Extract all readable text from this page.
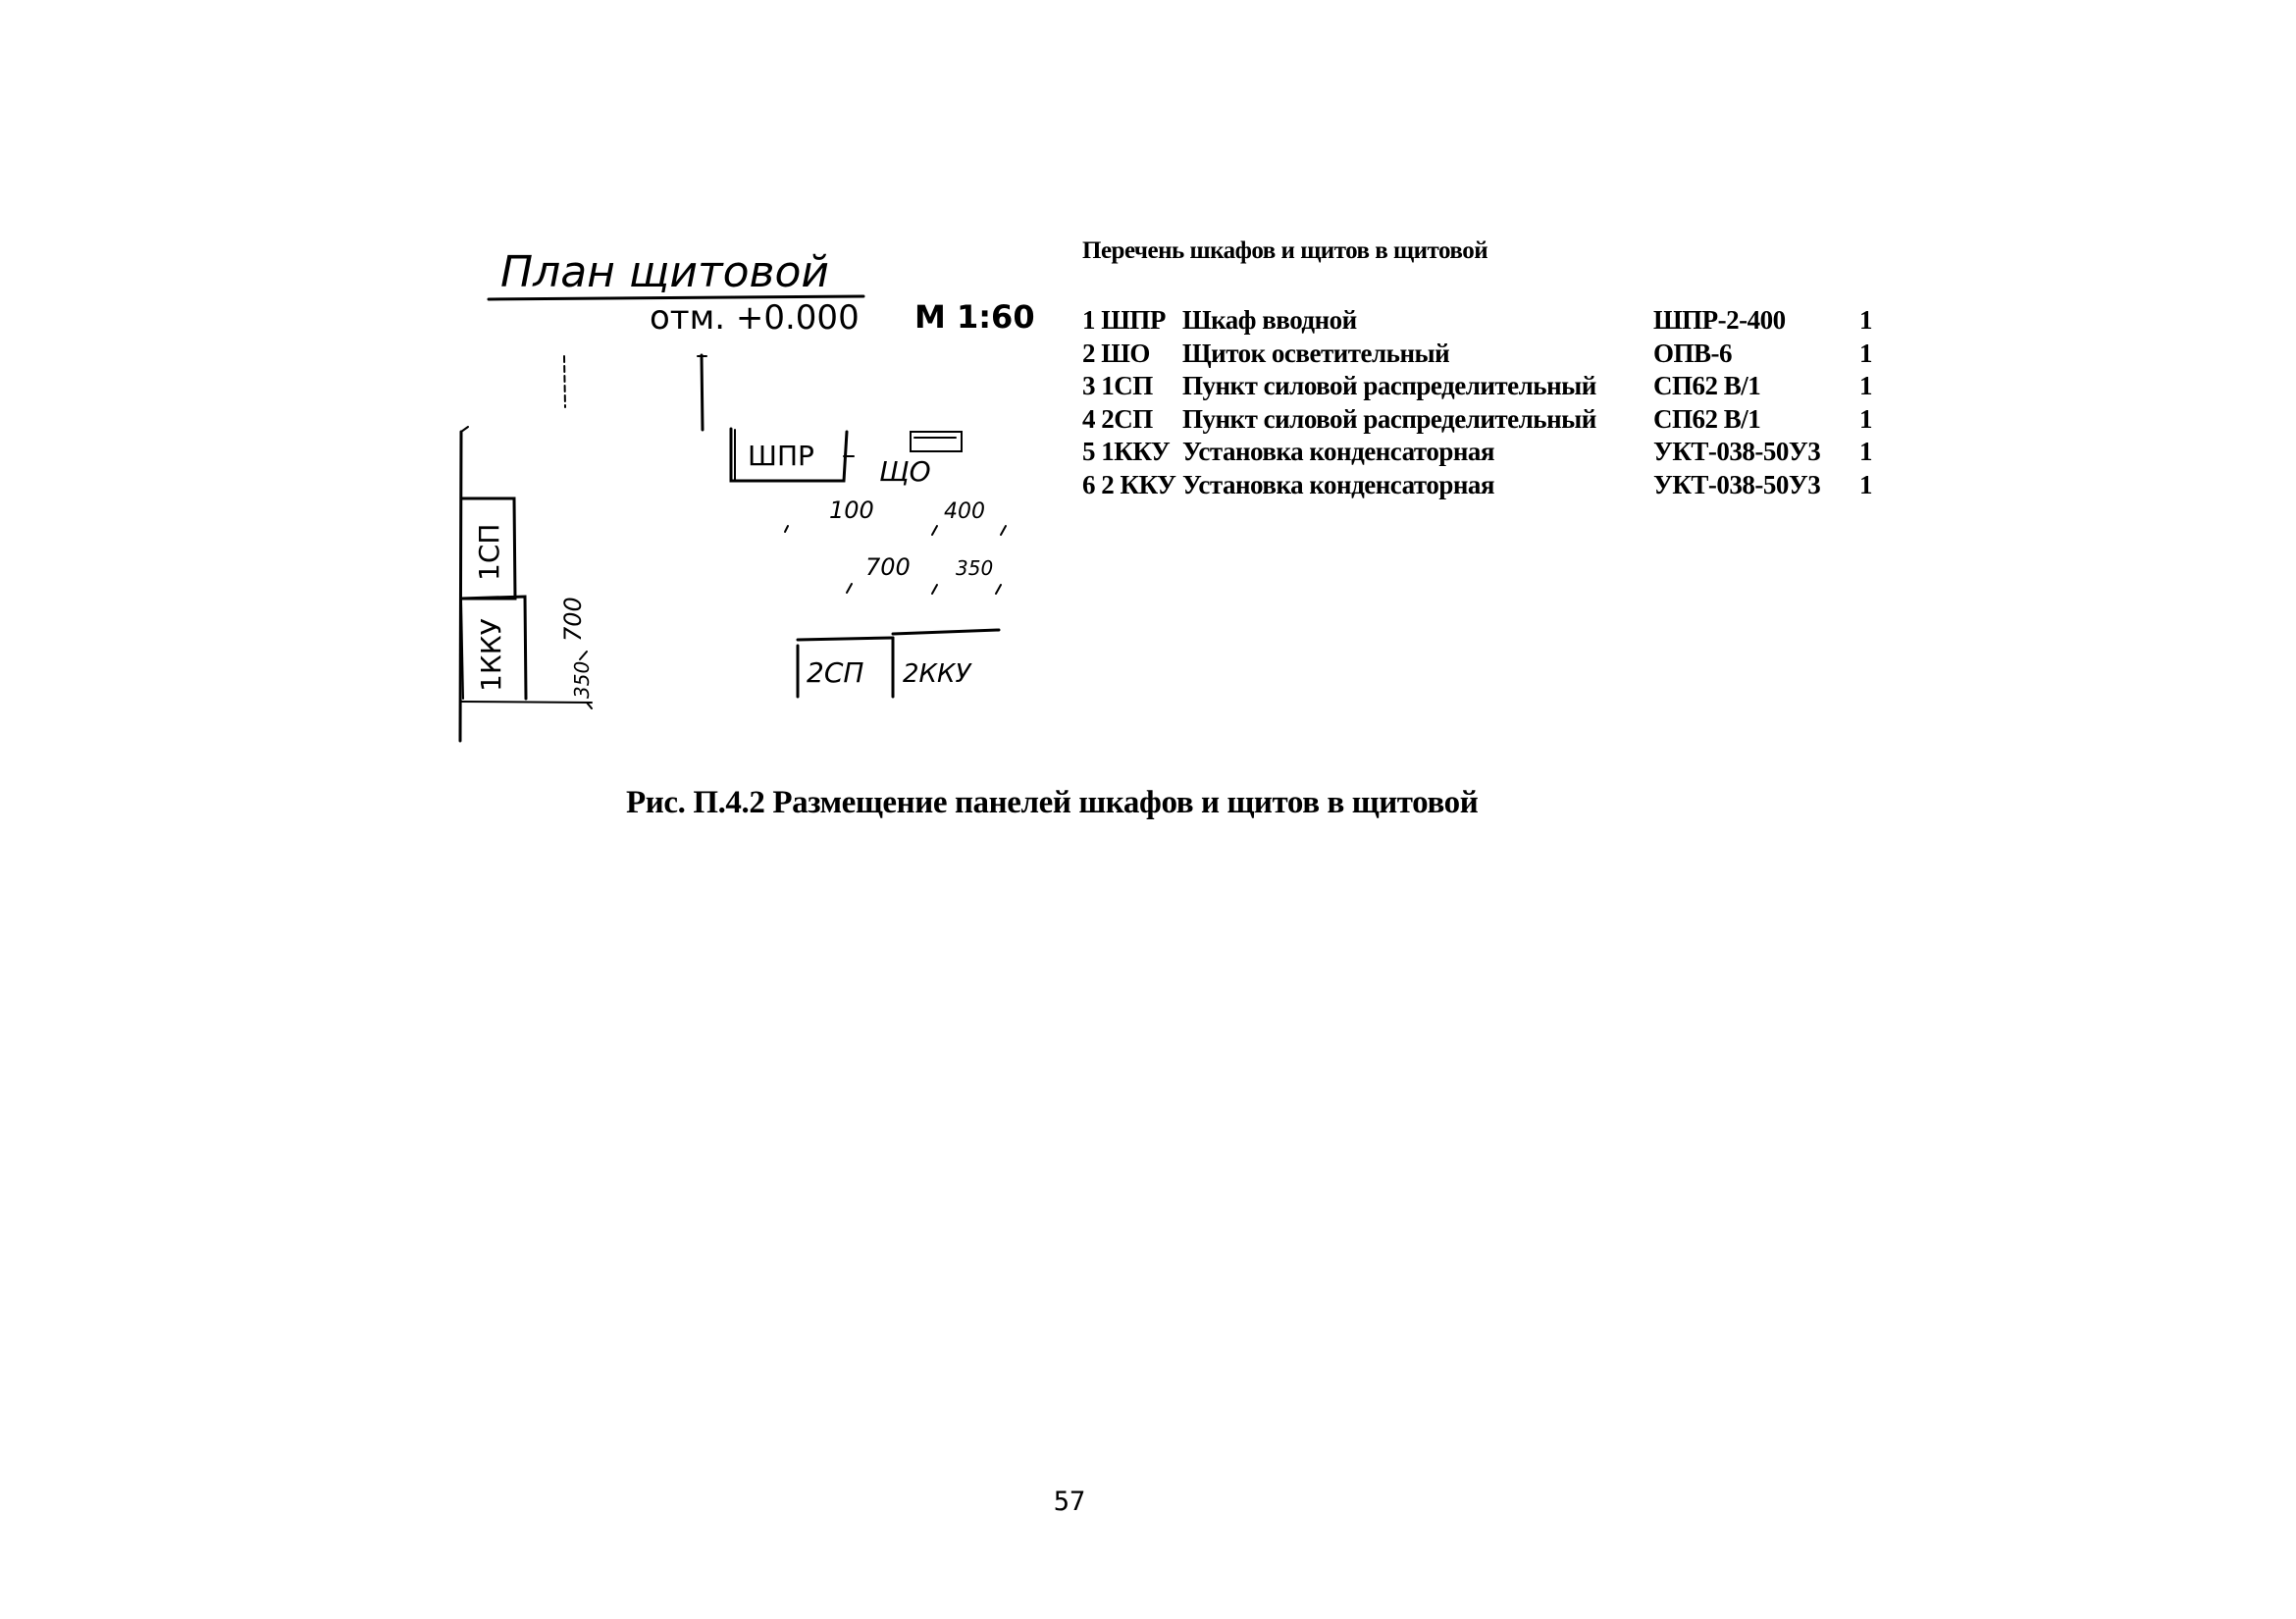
План щитовой
отм. +0.000 М 1:60
ШПР ЩО
1СП
1ККУ	2СП 2ККУ
100	400
700 350
700
350
Перечень шкафов и щитов в щитовой
1 ШПР	Шкаф вводной	ШПР-2-400	1
2 ШО	Щиток осветительный	ОПВ-6	1
3 1СП	Пункт силовой распределительный	СП62 В/1	1
4 2СП	Пункт силовой распределительный	СП62 В/1	1
5 1ККУ	Установка конденсаторная	УКТ-038-50У3	1
6 2 ККУ	Установка конденсаторная	УКТ-038-50У3	1
Рис. П.4.2 Размещение панелей шкафов и щитов в щитовой
57
